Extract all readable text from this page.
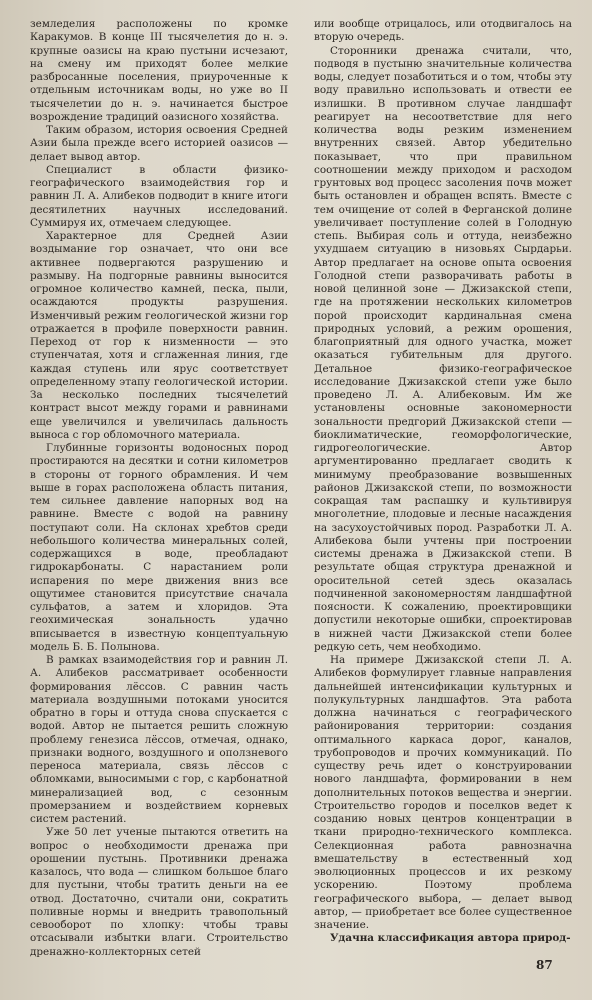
земледелия расположены по кромке Каракумов. В конце III тысячелетия до н. э. крупные оазисы на краю пустыни исчезают, на смену им приходят более мелкие разбросанные поселения, приуроченные к отдельным источникам воды, но уже во II тысячелетии до н. э. начинается быстрое возрождение традиций оазисного хозяйства.

Таким образом, история освоения Средней Азии была прежде всего историей оазисов — делает вывод автор.

Специалист в области физико-географического взаимодействия гор и равнин Л. А. Алибеков подводит в книге итоги десятилетних научных исследований. Суммируя их, отмечаем следующее.

Характерное для Средней Азии воздымание гор означает, что они все активнее подвергаются разрушению и размыву. На подгорные равнины выносится огромное количество камней, песка, пыли, осаждаются продукты разрушения. Изменчивый режим геологической жизни гор отражается в профиле поверхности равнин. Переход от гор к низменности — это ступенчатая, хотя и сглаженная линия, где каждая ступень или ярус соответствует определенному этапу геологической истории. За несколько последних тысячелетий контраст высот между горами и равнинами еще увеличился и увеличилась дальность выноса с гор обломочного материала.

Глубинные горизонты водоносных пород простираются на десятки и сотни километров в стороны от горного обрамления. И чем выше в горах расположена область питания, тем сильнее давление напорных вод на равнине. Вместе с водой на равнину поступают соли. На склонах хребтов среди небольшого количества минеральных солей, содержащихся в воде, преобладают гидрокарбонаты. С нарастанием роли испарения по мере движения вниз все ощутимее становится присутствие сначала сульфатов, а затем и хлоридов. Эта геохимическая зональность удачно вписывается в известную концептуальную модель Б. Б. Полынова.

В рамках взаимодействия гор и равнин Л. А. Алибеков рассматривает особенности формирования лёссов. С равнин часть материала воздушными потоками уносится обратно в горы и оттуда снова спускается с водой. Автор не пытается решить сложную проблему генезиса лёссов, отмечая, однако, признаки водного, воздушного и оползневого переноса материала, связь лёссов с обломками, выносимыми с гор, с карбонатной минерализацией вод, с сезонным промерзанием и воздействием корневых систем растений.

Уже 50 лет ученые пытаются ответить на вопрос о необходимости дренажа при орошении пустынь. Противники дренажа казалось, что вода — слишком большое благо для пустыни, чтобы тратить деньги на ее отвод. Достаточно, считали они, сократить поливные нормы и внедрить травопольный севооборот по хлопку: чтобы травы отсасывали избытки влаги. Строительство дренажно-коллекторных сетей

или вообще отрицалось, или отодвигалось на вторую очередь.

Сторонники дренажа считали, что, подводя в пустыню значительные количества воды, следует позаботиться и о том, чтобы эту воду правильно использовать и отвести ее излишки. В противном случае ландшафт реагирует на несоответствие для него количества воды резким изменением внутренних связей. Автор убедительно показывает, что при правильном соотношении между приходом и расходом грунтовых вод процесс засоления почв может быть остановлен и обращен вспять. Вместе с тем очищение от солей в Ферганской долине увеличивает поступление солей в Голодную степь. Выбирая соль и оттуда, неизбежно ухудшаем ситуацию в низовьях Сырдарьи. Автор предлагает на основе опыта освоения Голодной степи разворачивать работы в новой целинной зоне — Джизакской степи, где на протяжении нескольких километров порой происходит кардинальная смена природных условий, а режим орошения, благоприятный для одного участка, может оказаться губительным для другого. Детальное физико-географическое исследование Джизакской степи уже было проведено Л. А. Алибековым. Им же установлены основные закономерности зональности предгорий Джизакской степи — биоклиматические, геоморфологические, гидрогеологические. Автор аргументированно предлагает сводить к минимуму преобразование возвышенных районов Джизакской степи, по возможности сокращая там распашку и культивируя многолетние, плодовые и лесные насаждения на засухоустойчивых пород. Разработки Л. А. Алибекова были учтены при построении системы дренажа в Джизакской степи. В результате общая структура дренажной и оросительной сетей здесь оказалась подчиненной закономерностям ландшафтной поясности. К сожалению, проектировщики допустили некоторые ошибки, спроектировав в нижней части Джизакской степи более редкую сеть, чем необходимо.

На примере Джизакской степи Л. А. Алибеков формулирует главные направления дальнейшей интенсификации культурных и полукультурных ландшафтов. Эта работа должна начинаться с географического районирования территории: создания оптимального каркаса дорог, каналов, трубопроводов и прочих коммуникаций. По существу речь идет о конструировании нового ландшафта, формировании в нем дополнительных потоков вещества и энергии. Строительство городов и поселков ведет к созданию новых центров концентрации в ткани природно-технического комплекса. Селекционная работа равнозначна вмешательству в естественный ход эволюционных процессов и их резкому ускорению. Поэтому проблема географического выбора, — делает вывод автор, — приобретает все более существенное значение.

Удачна классификация автора природ-

87
